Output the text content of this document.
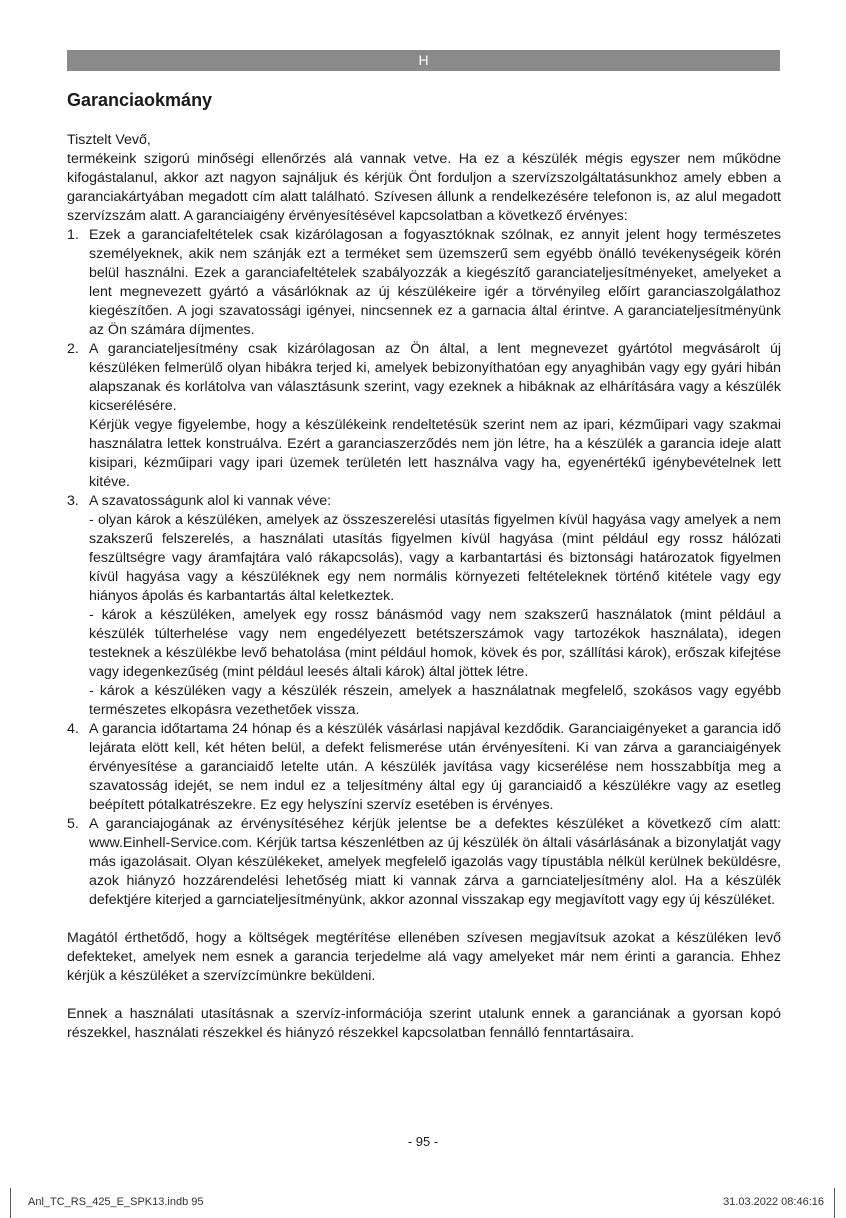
H
Garanciaokmány

Tisztelt Vevő,

termékeink szigorú minőségi ellenőrzés alá vannak vetve. Ha ez a készülék mégis egyszer nem működne kifogástalanul, akkor azt nagyon sajnáljuk és kérjük Önt forduljon a szervízszolgáltatásunkhoz amely ebben a garanciakártyában megadott cím alatt található. Szívesen állunk a rendelkezésére telefonon is, az alul megadott szervízszám alatt. A garanciaigény érvényesítésével kapcsolatban a következő érvényes:

1. Ezek a garanciafeltételek csak kizárólagosan a fogyasztóknak szólnak, ez annyit jelent hogy természetes személyeknek, akik nem szánják ezt a terméket sem üzemszerű sem egyébb önálló tevékenységeik körén belül használni. Ezek a garanciafeltételek szabályozzák a kiegészítő garanciateljesítményeket, amelyeket a lent megnevezett gyártó a vásárlóknak az új készülékeire igér a törvényileg előírt garanciaszolgálathoz kiegészítően. A jogi szavatossági igényei, nincsennek ez a garnacia által érintve. A garanciateljesítményünk az Ön számára díjmentes.

2. A garanciateljesítmény csak kizárólagosan az Ön által, a lent megnevezet gyártótol megvásárolt új készüléken felmerülő olyan hibákra terjed ki, amelyek bebizonyíthatóan egy anyaghibán vagy egy gyári hibán alapszanak és korlátolva van választásunk szerint, vagy ezeknek a hibáknak az elhárítására vagy a készülék kicserélésére.

Kérjük vegye figyelembe, hogy a készülékeink rendeltetésük szerint nem az ipari, kézműipari vagy szakmai használatra lettek konstruálva. Ezért a garanciaszerződés nem jön létre, ha a készülék a garancia ideje alatt kisipari, kézműipari vagy ipari üzemek területén lett használva vagy ha, egyenértékű igénybevételnek lett kitéve.

3. A szavatosságunk alol ki vannak véve:

- olyan károk a készüléken, amelyek az összeszerelési utasítás figyelmen kívül hagyása vagy amelyek a nem szakszerű felszerelés, a használati utasítás figyelmen kívül hagyása (mint például egy rossz hálózati feszültségre vagy áramfajtára való rákapcsolás), vagy a karbantartási és biztonsági határozatok figyelmen kívül hagyása vagy a készüléknek egy nem normális környezeti feltételeknek történő kitétele vagy egy hiányos ápolás és karbantartás által keletkeztek.

- károk a készüléken, amelyek egy rossz bánásmód vagy nem szakszerű használatok (mint például a készülék túlterhelése vagy nem engedélyezett betétszerszámok vagy tartozékok használata), idegen testeknek a készülékbe levő behatolása (mint például homok, kövek és por, szállítási károk), erőszak kifejtése vagy idegenkezűség (mint például leesés általi károk) által jöttek létre.

- károk a készüléken vagy a készülék részein, amelyek a használatnak megfelelő, szokásos vagy egyébb természetes elkopásra vezethetőek vissza.

4. A garancia időtartama 24 hónap és a készülék vásárlasi napjával kezdődik. Garanciaigényeket a garancia idő lejárata elött kell, két héten belül, a defekt felismerése után érvényesíteni. Ki van zárva a garanciaigények érvényesítése a garanciaidő letelte után. A készülék javítása vagy kicserélése nem hosszabbítja meg a szavatosság idejét, se nem indul ez a teljesítmény által egy új garanciaidő a készülékre vagy az esetleg beépített pótalkatrészekre. Ez egy helyszíni szervíz esetében is érvényes.

5. A garanciajogának az érvénysítéséhez kérjük jelentse be a defektes készüléket a következő cím alatt: www.Einhell-Service.com. Kérjük tartsa készenlétben az új készülék ön általi vásárlásának a bizonylatját vagy más igazolásait. Olyan készülékeket, amelyek megfelelő igazolás vagy típustábla nélkül kerülnek beküldésre, azok hiányzó hozzárendelési lehetőség miatt ki vannak zárva a garnciateljesítmény alol. Ha a készülék defektjére kiterjed a garnciateljesítményünk, akkor azonnal visszakap egy megjavított vagy egy új készüléket.

Magától érthetődő, hogy a költségek megtérítése ellenében szívesen megjavítsuk azokat a készüléken levő defekteket, amelyek nem esnek a garancia terjedelme alá vagy amelyeket már nem érinti a garancia. Ehhez kérjük a készüléket a szervízcímünkre beküldeni.

Ennek a használati utasításnak a szervíz-információja szerint utalunk ennek a garanciának a gyorsan kopó részekkel, használati részekkel és hiányzó részekkel kapcsolatban fennálló fenntartásaira.

- 95 -
Anl_TC_RS_425_E_SPK13.indb 95	31.03.2022 08:46:16
